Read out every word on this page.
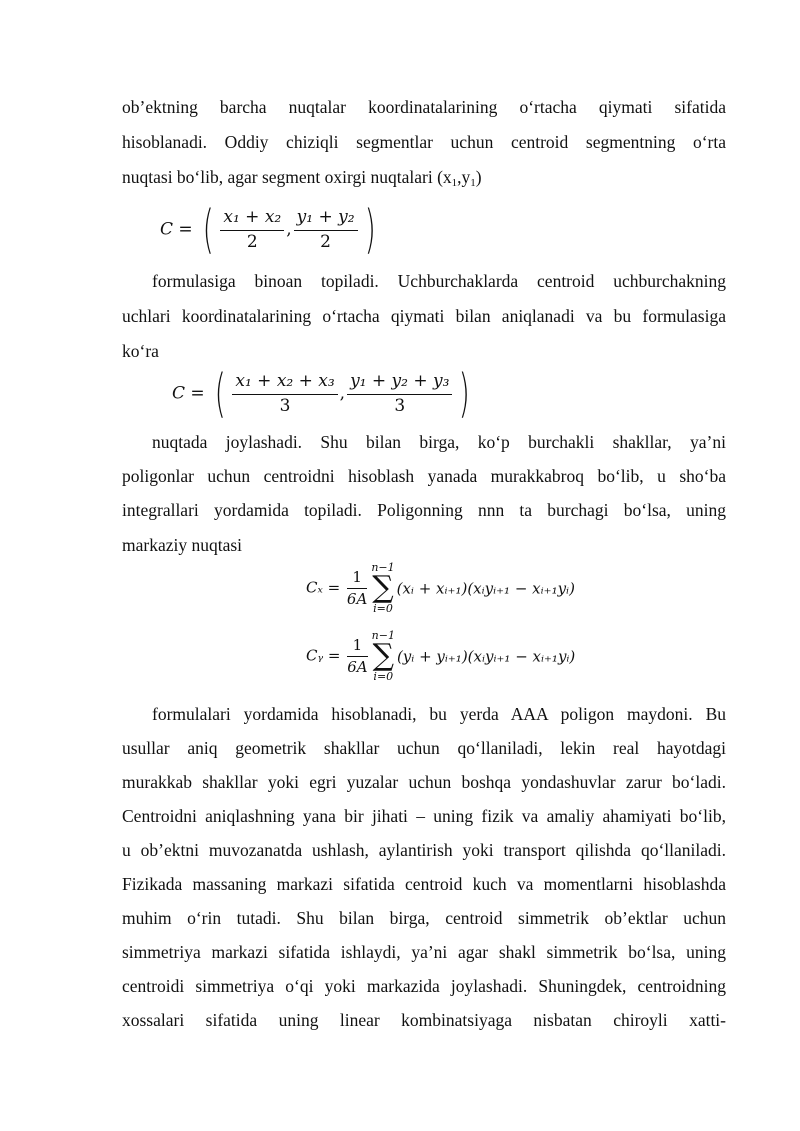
ob’ektning barcha nuqtalar koordinatalarining o‘rtacha qiymati sifatida
hisoblanadi. Oddiy chiziqli segmentlar uchun centroid segmentning o‘rta
nuqtasi bo‘lib, agar segment oxirgi nuqtalari (x1,y1)
C = ( $\frac{\text{x₁ + x₂}}{2}$ , $\frac{\text{y₁ + y₂}}{2}$ )
formulasiga binoan topiladi. Uchburchaklarda centroid uchburchakning
uchlari koordinatalarining o‘rtacha qiymati bilan aniqlanadi va bu formulasiga
ko‘ra
C = ( $\frac{\text{x₁ + x₂ + x₃}}{3}$ , $\frac{\text{y₁ + y₂ + y₃}}{3}$ )
nuqtada joylashadi. Shu bilan birga, ko‘p burchakli shakllar, ya’ni
poligonlar uchun centroidni hisoblash yanada murakkabroq bo‘lib, u sho‘ba
integrallari yordamida topiladi. Poligonning nnn ta burchagi bo‘lsa, uning
markaziy nuqtasi
$C_x = \frac{1}{6A}$
n−1
∑
i=0
(xᵢ + xᵢ₊₁)(xᵢyᵢ₊₁ − xᵢ₊₁yᵢ)
Cᵧ = $\frac{1}{6A}$
n−1
∑
i=0
(yᵢ + yᵢ₊₁)(xᵢyᵢ₊₁ − xᵢ₊₁yᵢ)
formulalari yordamida hisoblanadi, bu yerda AAA poligon maydoni. Bu
usullar aniq geometrik shakllar uchun qo‘llaniladi, lekin real hayotdagi
murakkab shakllar yoki egri yuzalar uchun boshqa yondashuvlar zarur bo‘ladi.
Centroidni aniqlashning yana bir jihati – uning fizik va amaliy ahamiyati bo‘lib,
u ob’ektni muvozanatda ushlash, aylantirish yoki transport qilishda qo‘llaniladi.
Fizikada massaning markazi sifatida centroid kuch va momentlarni hisoblashda
muhim o‘rin tutadi. Shu bilan birga, centroid simmetrik ob’ektlar uchun
simmetriya markazi sifatida ishlaydi, ya’ni agar shakl simmetrik bo‘lsa, uning
centroidi simmetriya o‘qi yoki markazida joylashadi. Shuningdek, centroidning
xossalari sifatida uning linear kombinatsiyaga nisbatan chiroyli xatti-
